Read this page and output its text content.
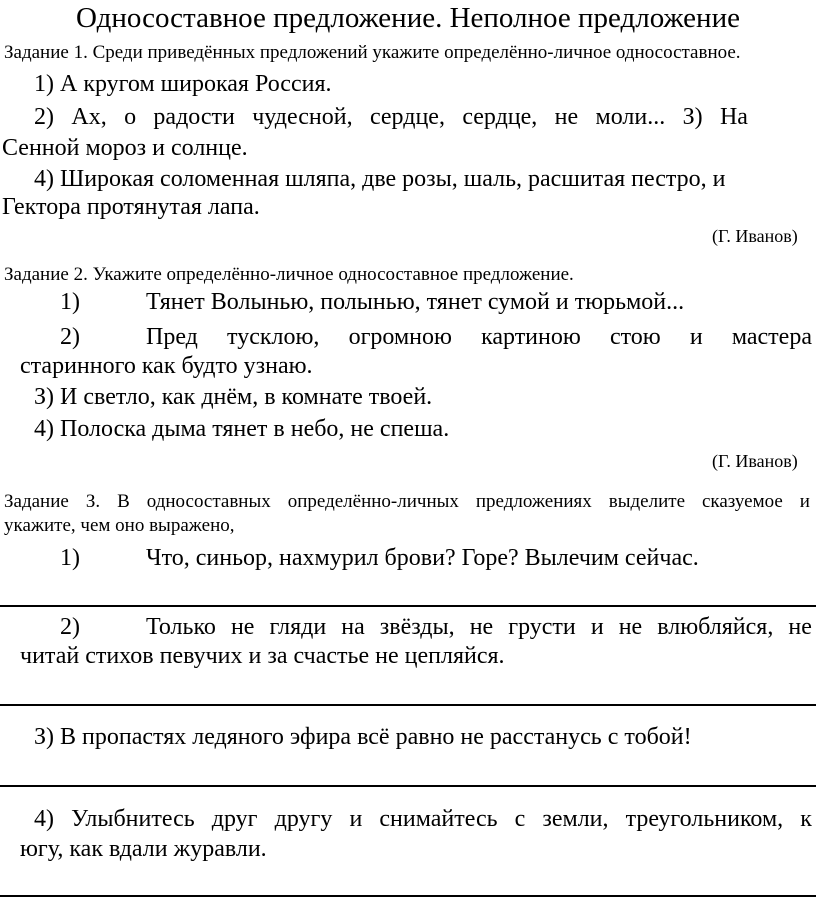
Односоставное предложение. Неполное предложение
Задание 1. Среди приведённых предложений укажите определённо-личное односоставное.
1) А кругом широкая Россия.
2) Ах, о радости чудесной, сердце, сердце, не моли... З) На
Сенной мороз и солнце.
4) Широкая соломенная шляпа, две розы, шаль, расшитая пестро, и
Гектора протянутая лапа.
(Г. Иванов)
Задание 2. Укажите определённо-личное односоставное предложение.
1)	Тянет Волынью, полынью, тянет сумой и тюрьмой...
2)	Пред тусклою, огромною картиною стою и мастера
старинного как будто узнаю.
З) И светло, как днём, в комнате твоей.
4) Полоска дыма тянет в небо, не спеша.
(Г. Иванов)
Задание З. В односоставных определённо-личных предложениях выделите сказуемое и
укажите, чем оно выражено,
1)	Что, синьор, нахмурил брови? Горе? Вылечим сейчас.
2)	Только не гляди на звёзды, не грусти и не влюбляйся, не
читай стихов певучих и за счастье не цепляйся.
З) В пропастях ледяного эфира всё равно не расстанусь с тобой!
4) Улыбнитесь друг другу и снимайтесь с земли, треугольником, к
югу, как вдали журавли.
